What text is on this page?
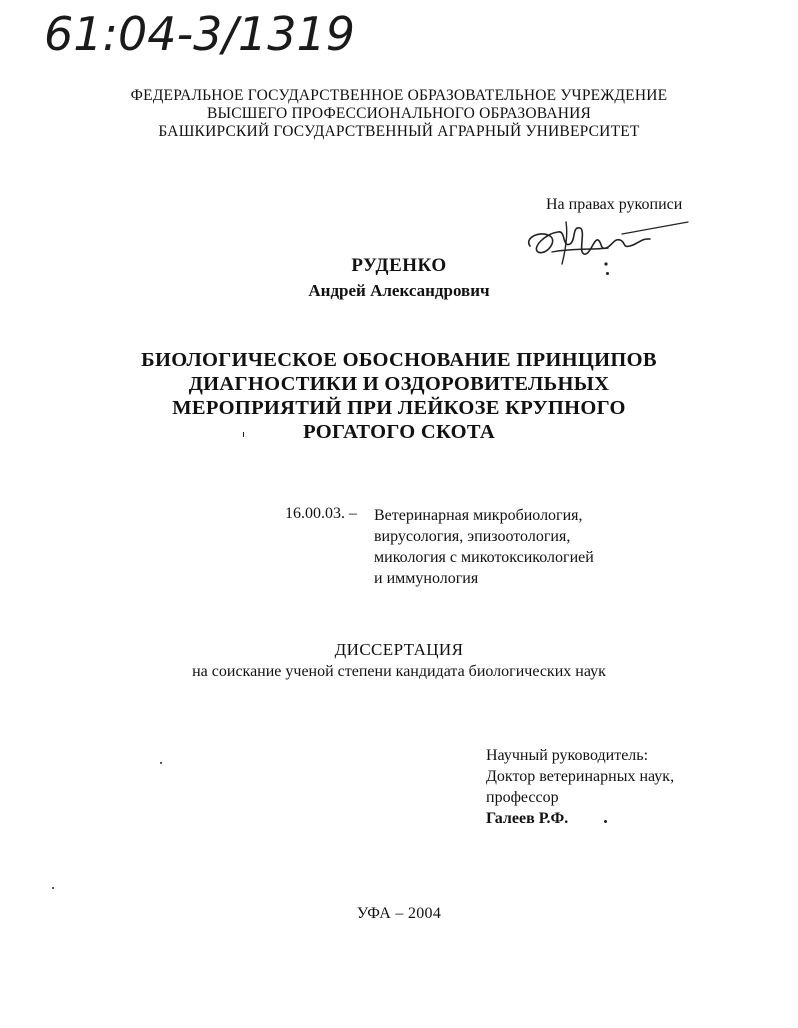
61:04-3/1319
ФЕДЕРАЛЬНОЕ ГОСУДАРСТВЕННОЕ ОБРАЗОВАТЕЛЬНОЕ УЧРЕЖДЕНИЕ
ВЫСШЕГО ПРОФЕССИОНАЛЬНОГО ОБРАЗОВАНИЯ
БАШКИРСКИЙ ГОСУДАРСТВЕННЫЙ АГРАРНЫЙ УНИВЕРСИТЕТ
На правах рукописи
РУДЕНКО
Андрей Александрович
БИОЛОГИЧЕСКОЕ ОБОСНОВАНИЕ ПРИНЦИПОВ
ДИАГНОСТИКИ И ОЗДОРОВИТЕЛЬНЫХ
МЕРОПРИЯТИЙ ПРИ ЛЕЙКОЗЕ КРУПНОГО
РОГАТОГО СКОТА
16.00.03. – Ветеринарная микробиология,
вирусология, эпизоотология,
микология с микотоксикологией
и иммунология
ДИССЕРТАЦИЯ
на соискание ученой степени кандидата биологических наук
Научный руководитель:
Доктор ветеринарных наук,
профессор
Галеев Р.Ф.
УФА – 2004
